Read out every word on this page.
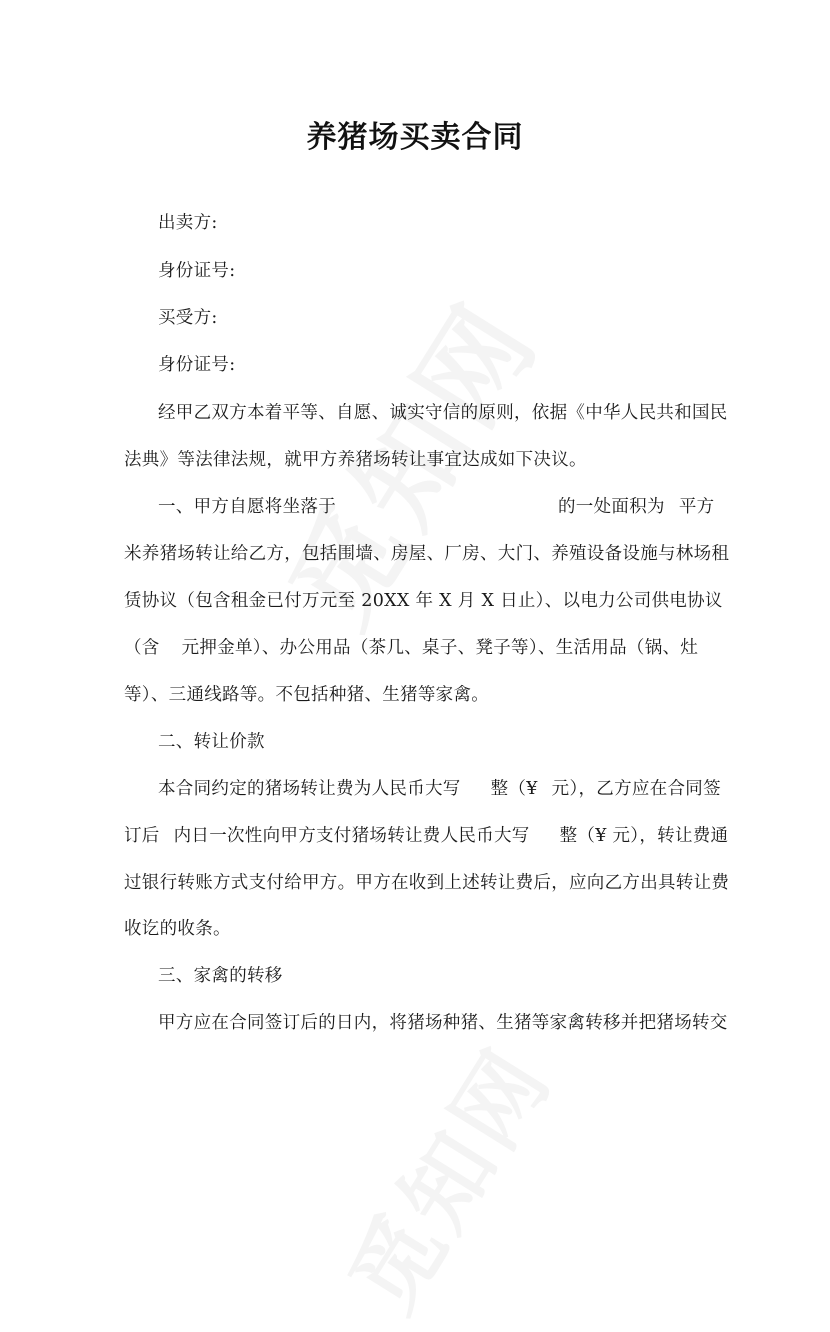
养猪场买卖合同
出卖方:
身份证号:
买受方:
身份证号:
经甲乙双方本着平等、自愿、诚实守信的原则，依据《中华人民共和国民
法典》等法律法规，就甲方养猪场转让事宜达成如下决议。
一、甲方自愿将坐落于	的一处面积为 平方
米养猪场转让给乙方，包括围墙、房屋、厂房、大门、养殖设备设施与林场租
赁协议（包含租金已付万元至 20XX 年 X 月 X 日止）、以电力公司供电协议
（含 元押金单）、办公用品（茶几、桌子、凳子等）、生活用品（锅、灶
等）、三通线路等。不包括种猪、生猪等家禽。
二、转让价款
本合同约定的猪场转让费为人民币大写 整（¥ 元），乙方应在合同签
订后 内日一次性向甲方支付猪场转让费人民币大写 整（¥ 元），转让费通
过银行转账方式支付给甲方。甲方在收到上述转让费后，应向乙方出具转让费
收讫的收条。
三、家禽的转移
甲方应在合同签订后的日内，将猪场种猪、生猪等家禽转移并把猪场转交
